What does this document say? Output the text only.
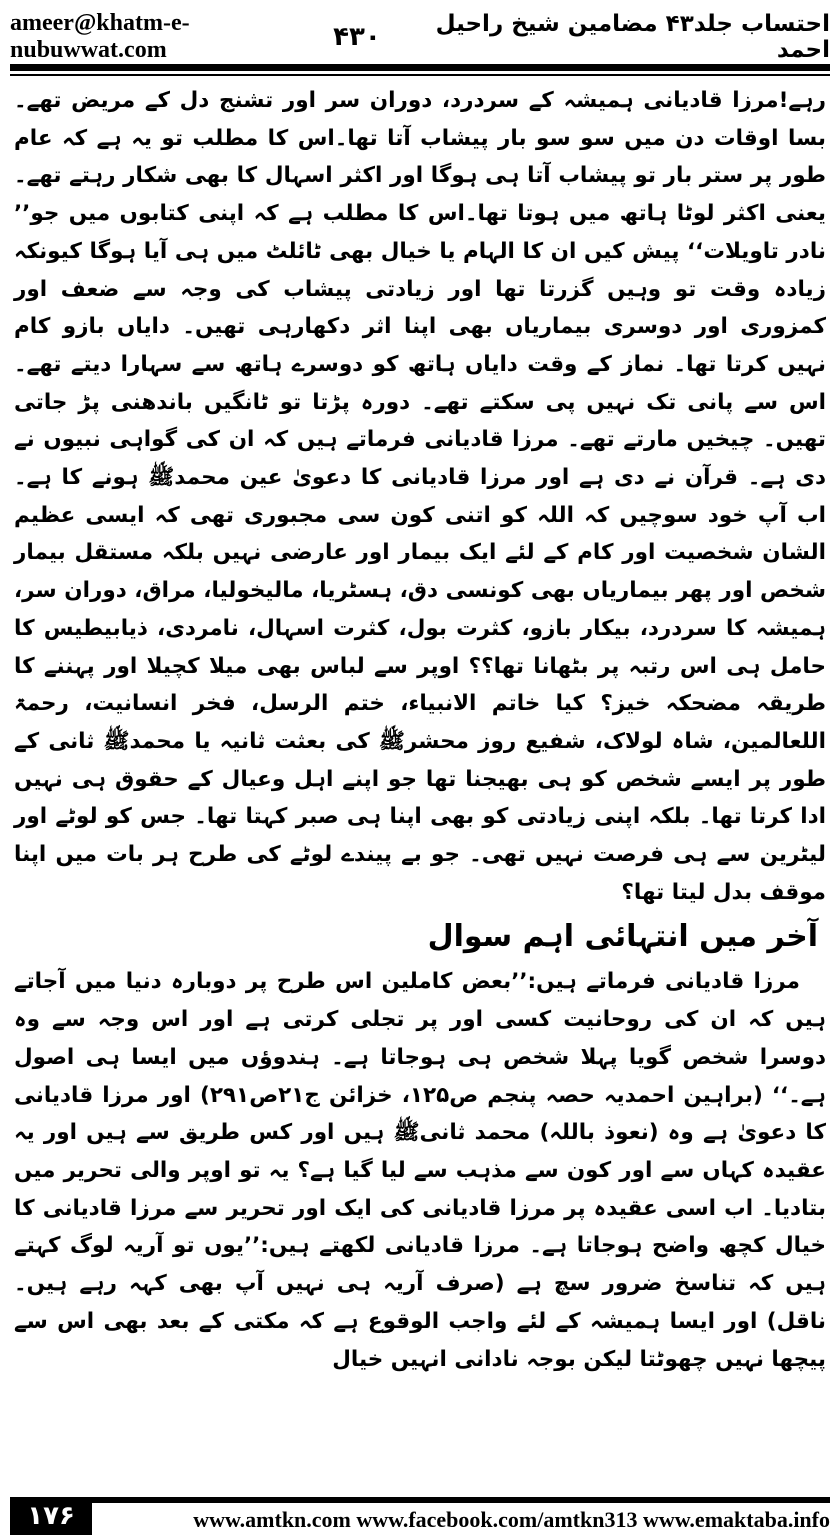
ameer@khatm-e-nubuwwat.com
احتساب جلد۴۳ مضامین شیخ راحیل احمد
۴۳۰

رہے!مرزا قادیانی ہمیشہ کے سردرد، دوران سر اور تشنج دل کے مریض تھے۔ بسا اوقات دن میں سو سو بار پیشاب آتا تھا۔اس کا مطلب تو یہ ہے کہ عام طور پر ستر بار تو پیشاب آتا ہی ہوگا اور اکثر اسہال کا بھی شکار رہتے تھے۔یعنی اکثر لوٹا ہاتھ میں ہوتا تھا۔اس کا مطلب ہے کہ اپنی کتابوں میں جو’’ نادر تاویلات‘‘ پیش کیں ان کا الہام یا خیال بھی ٹائلٹ میں ہی آیا ہوگا کیونکہ زیادہ وقت تو وہیں گزرتا تھا اور زیادتی پیشاب کی وجہ سے ضعف اور کمزوری اور دوسری بیماریاں بھی اپنا اثر دکھارہی تھیں۔ دایاں بازو کام نہیں کرتا تھا۔ نماز کے وقت دایاں ہاتھ کو دوسرے ہاتھ سے سہارا دیتے تھے۔ اس سے پانی تک نہیں پی سکتے تھے۔ دورہ پڑتا تو ٹانگیں باندھنی پڑ جاتی تھیں۔ چیخیں مارتے تھے۔ مرزا قادیانی فرماتے ہیں کہ ان کی گواہی نبیوں نے دی ہے۔ قرآن نے دی ہے اور مرزا قادیانی کا دعویٰ عین محمدﷺ ہونے کا ہے۔ اب آپ خود سوچیں کہ اللہ کو اتنی کون سی مجبوری تھی کہ ایسی عظیم الشان شخصیت اور کام کے لئے ایک بیمار اور عارضی نہیں بلکہ مستقل بیمار شخص اور پھر بیماریاں بھی کونسی دق، ہسٹریا، مالیخولیا، مراق، دوران سر، ہمیشہ کا سردرد، بیکار بازو، کثرت بول، کثرت اسہال، نامردی، ذیابیطیس کا حامل ہی اس رتبہ پر بٹھانا تھا؟؟ اوپر سے لباس بھی میلا کچیلا اور پہننے کا طریقہ مضحکہ خیز؟ کیا خاتم الانبیاء، ختم الرسل، فخر انسانیت، رحمۃ اللعالمین، شاہ لولاک، شفیع روز محشرﷺ کی بعثت ثانیہ یا محمدﷺ ثانی کے طور پر ایسے شخص کو ہی بھیجنا تھا جو اپنے اہل وعیال کے حقوق ہی نہیں ادا کرتا تھا۔ بلکہ اپنی زیادتی کو بھی اپنا ہی صبر کہتا تھا۔ جس کو لوٹے اور لیٹرین سے ہی فرصت نہیں تھی۔ جو بے پیندے لوٹے کی طرح ہر بات میں اپنا موقف بدل لیتا تھا؟

آخر میں انتہائی اہم سوال

مرزا قادیانی فرماتے ہیں:’’بعض کاملین اس طرح پر دوبارہ دنیا میں آجاتے ہیں کہ ان کی روحانیت کسی اور پر تجلی کرتی ہے اور اس وجہ سے وہ دوسرا شخص گویا پہلا شخص ہی ہوجاتا ہے۔ ہندوؤں میں ایسا ہی اصول ہے۔‘‘ (براہین احمدیہ حصہ پنجم ص۱۲۵، خزائن ج۲۱ص۲۹۱) اور مرزا قادیانی کا دعویٰ ہے وہ (نعوذ باللہ) محمد ثانیﷺ ہیں اور کس طریق سے ہیں اور یہ عقیدہ کہاں سے اور کون سے مذہب سے لیا گیا ہے؟ یہ تو اوپر والی تحریر میں بتادیا۔ اب اسی عقیدہ پر مرزا قادیانی کی ایک اور تحریر سے مرزا قادیانی کا خیال کچھ واضح ہوجاتا ہے۔ مرزا قادیانی لکھتے ہیں:’’یوں تو آریہ لوگ کہتے ہیں کہ تناسخ ضرور سچ ہے (صرف آریہ ہی نہیں آپ بھی کہہ رہے ہیں۔ ناقل) اور ایسا ہمیشہ کے لئے واجب الوقوع ہے کہ مکتی کے بعد بھی اس سے پیچھا نہیں چھوٹتا لیکن بوجہ نادانی انہیں خیال

۱۷۶	www.amtkn.com www.facebook.com/amtkn313 www.emaktaba.info
